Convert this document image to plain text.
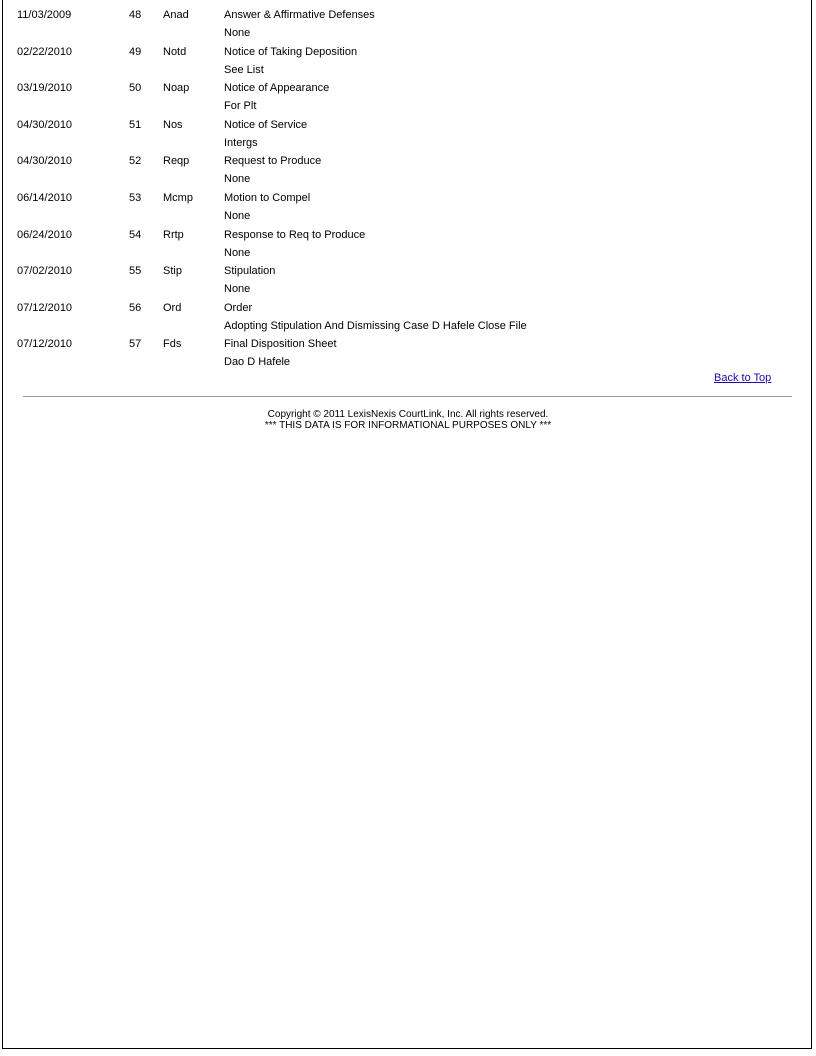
11/03/2009	48	Anad	Answer & Affirmative Defenses
None
02/22/2010	49	Notd	Notice of Taking Deposition
See List
03/19/2010	50	Noap	Notice of Appearance
For Plt
04/30/2010	51	Nos	Notice of Service
Intergs
04/30/2010	52	Reqp	Request to Produce
None
06/14/2010	53	Mcmp	Motion to Compel
None
06/24/2010	54	Rrtp	Response to Req to Produce
None
07/02/2010	55	Stip	Stipulation
None
07/12/2010	56	Ord	Order
Adopting Stipulation And Dismissing Case D Hafele Close File
07/12/2010	57	Fds	Final Disposition Sheet
Dao D Hafele
Back to Top
Copyright © 2011 LexisNexis CourtLink, Inc. All rights reserved.
*** THIS DATA IS FOR INFORMATIONAL PURPOSES ONLY ***
